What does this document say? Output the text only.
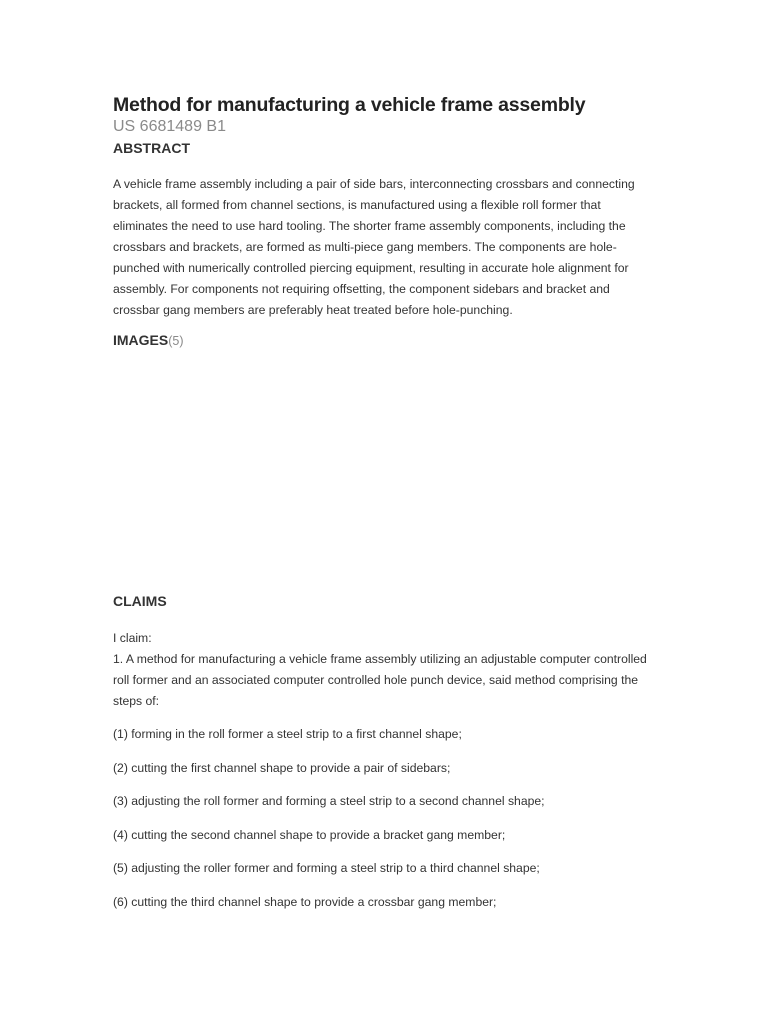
Method for manufacturing a vehicle frame assembly
US 6681489 B1
ABSTRACT

A vehicle frame assembly including a pair of side bars, interconnecting crossbars and connecting brackets, all formed from channel sections, is manufactured using a flexible roll former that eliminates the need to use hard tooling. The shorter frame assembly components, including the crossbars and brackets, are formed as multi-piece gang members. The components are hole-punched with numerically controlled piercing equipment, resulting in accurate hole alignment for assembly. For components not requiring offsetting, the component sidebars and bracket and crossbar gang members are preferably heat treated before hole-punching.

IMAGES(5)
CLAIMS

I claim:

1. A method for manufacturing a vehicle frame assembly utilizing an adjustable computer controlled roll former and an associated computer controlled hole punch device, said method comprising the steps of:

(1) forming in the roll former a steel strip to a first channel shape;
(2) cutting the first channel shape to provide a pair of sidebars;
(3) adjusting the roll former and forming a steel strip to a second channel shape;
(4) cutting the second channel shape to provide a bracket gang member;
(5) adjusting the roller former and forming a steel strip to a third channel shape;
(6) cutting the third channel shape to provide a crossbar gang member;
